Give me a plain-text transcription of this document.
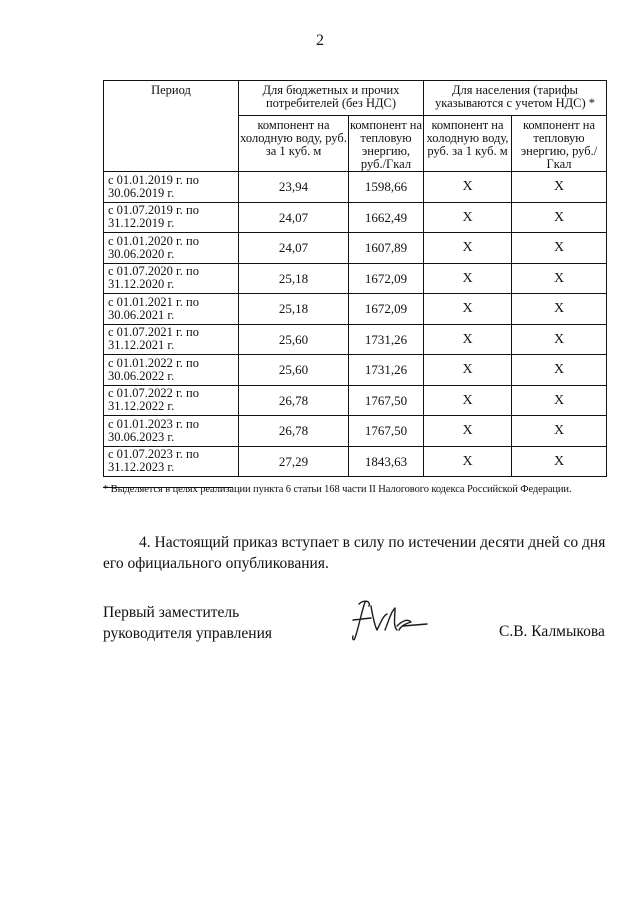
2
Период	Для бюджетных и прочих потребителей (без НДС)		Для населения (тарифы указываются с учетом НДС) *	
	компонент на холодную воду, руб. за 1 куб. м	компонент на тепловую энергию, руб./Гкал	компонент на холодную воду, руб. за 1 куб. м	компонент на тепловую энергию, руб./Гкал
с 01.01.2019 г. по 30.06.2019 г.	23,94	1598,66	Х	Х
с 01.07.2019 г. по 31.12.2019 г.	24,07	1662,49	Х	Х
с 01.01.2020 г. по 30.06.2020 г.	24,07	1607,89	Х	Х
с 01.07.2020 г. по 31.12.2020 г.	25,18	1672,09	Х	Х
с 01.01.2021 г. по 30.06.2021 г.	25,18	1672,09	Х	Х
с 01.07.2021 г. по 31.12.2021 г.	25,60	1731,26	Х	Х
с 01.01.2022 г. по 30.06.2022 г.	25,60	1731,26	Х	Х
с 01.07.2022 г. по 31.12.2022 г.	26,78	1767,50	Х	Х
с 01.01.2023 г. по 30.06.2023 г.	26,78	1767,50	Х	Х
с 01.07.2023 г. по 31.12.2023 г.	27,29	1843,63	Х	Х
* Выделяется в целях реализации пункта 6 статьи 168 части II Налогового кодекса Российской Федерации.
4. Настоящий приказ вступает в силу по истечении десяти дней со дня его официального опубликования.
Первый заместитель
руководителя управления	С.В. Калмыкова
